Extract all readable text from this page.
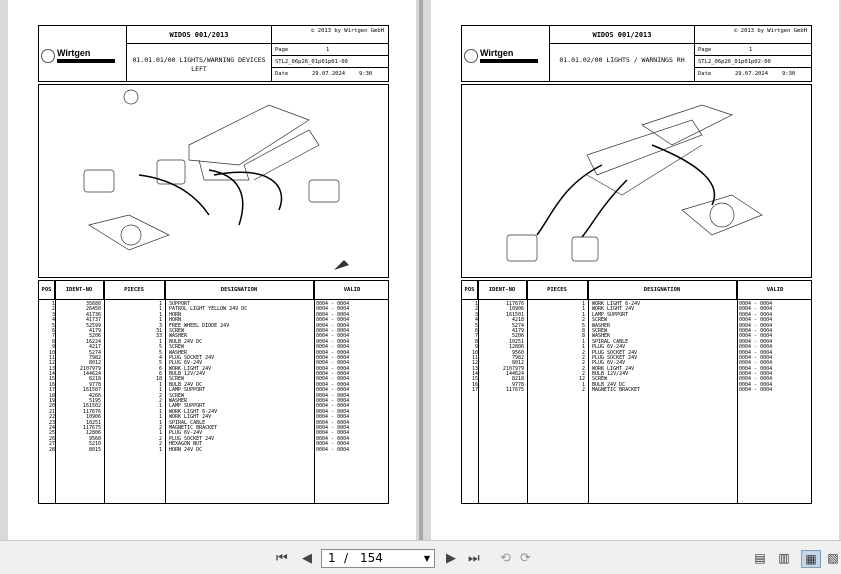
Wirtgen
WIDOS 001/2013
01.01.01/00 LIGHTS/WARNING DEVICES LEFT
© 2013 by Wirtgen GmbH
Page	1
STL2_06p26_01p01p01-00
Date	29.07.2024	9:30
POS	IDENT-NO	PIECES	DESIGNATION	VALID
1	35680	1 SUPPORT	0004 - 0004
2	26450	1 PATROL LIGHT YELLOW 24V DC	0004 - 0004
3	41736	1 HORN	0004 - 0004
4	41737	1 HORN	0004 - 0004
5	52599	3 FREE WHEEL DIODE 24V	0004 - 0004
6	4179	31 SCREW	0004 - 0004
7	5206	33 WASHER	0004 - 0004
8	16224	1 BULB 24V DC	0004 - 0004
9	4217	5 SCREW	0004 - 0004
10	5274	5 WASHER	0004 - 0004
11	7982	4 PLUG SOCKET 24V	0004 - 0004
12	8012	5 PLUG 6V-24V	0004 - 0004
13	2107979	6 WORK LIGHT 24V	0004 - 0004
14	144624	6 BULB 12V/24V	0004 - 0004
15	8218	18 SCREW	0004 - 0004
16	9778	1 BULB 24V DC	0004 - 0004
17	161507	1 LAMP SUPPORT	0004 - 0004
18	4266	2 SCREW	0004 - 0004
19	5195	2 WASHER	0004 - 0004
20	161502	1 LAMP SUPPORT	0004 - 0004
21	117676	1 WORK LIGHT 6-24V	0004 - 0004
22	10906	1 WORK LIGHT 24V	0004 - 0004
23	10251	1 SPIRAL CABLE	0004 - 0004
24	117675	2 MAGNETIC BRACKET	0004 - 0004
25	12806	1 PLUG 6V-24V	0004 - 0004
26	9560	2 PLUG SOCKET 24V	0004 - 0004
27	5210	2 HEXAGON NUT	0004 - 0004
28	8015	1 HORN 24V DC	0004 - 0004
Wirtgen
WIDOS 001/2013
01.01.02/00 LIGHTS / WARNINGS RH
© 2013 by Wirtgen GmbH
Page	1
STL2_06p26_01p01p02-00
Date	29.07.2024	9:30
POS	IDENT-NO	PIECES	DESIGNATION	VALID
1	117676	1 WORK LIGHT 6-24V	0004 - 0004
2	10906	1 WORK LIGHT 24V	0004 - 0004
3	161501	1 LAMP SUPPORT	0004 - 0004
4	4218	2 SCREW	0004 - 0004
5	5274	5 WASHER	0004 - 0004
6	4179	8 SCREW	0004 - 0004
7	5206	8 WASHER	0004 - 0004
8	10251	1 SPIRAL CABLE	0004 - 0004
9	12806	1 PLUG 6V-24V	0004 - 0004
10	9560	2 PLUG SOCKET 24V	0004 - 0004
11	7982	2 PLUG SOCKET 24V	0004 - 0004
12	8012	2 PLUG 6V-24V	0004 - 0004
13	2107979	2 WORK LIGHT 24V	0004 - 0004
14	144624	2 BULB 12V/24V	0004 - 0004
15	8218	12 SCREW	0004 - 0004
16	9778	1 BULB 24V DC	0004 - 0004
17	117675	2 MAGNETIC BRACKET	0004 - 0004
⏮ ◀ 1 / 154	▼ ▶ ⏭ ⟲ ⟳	▤ ▥	▦ ▧
